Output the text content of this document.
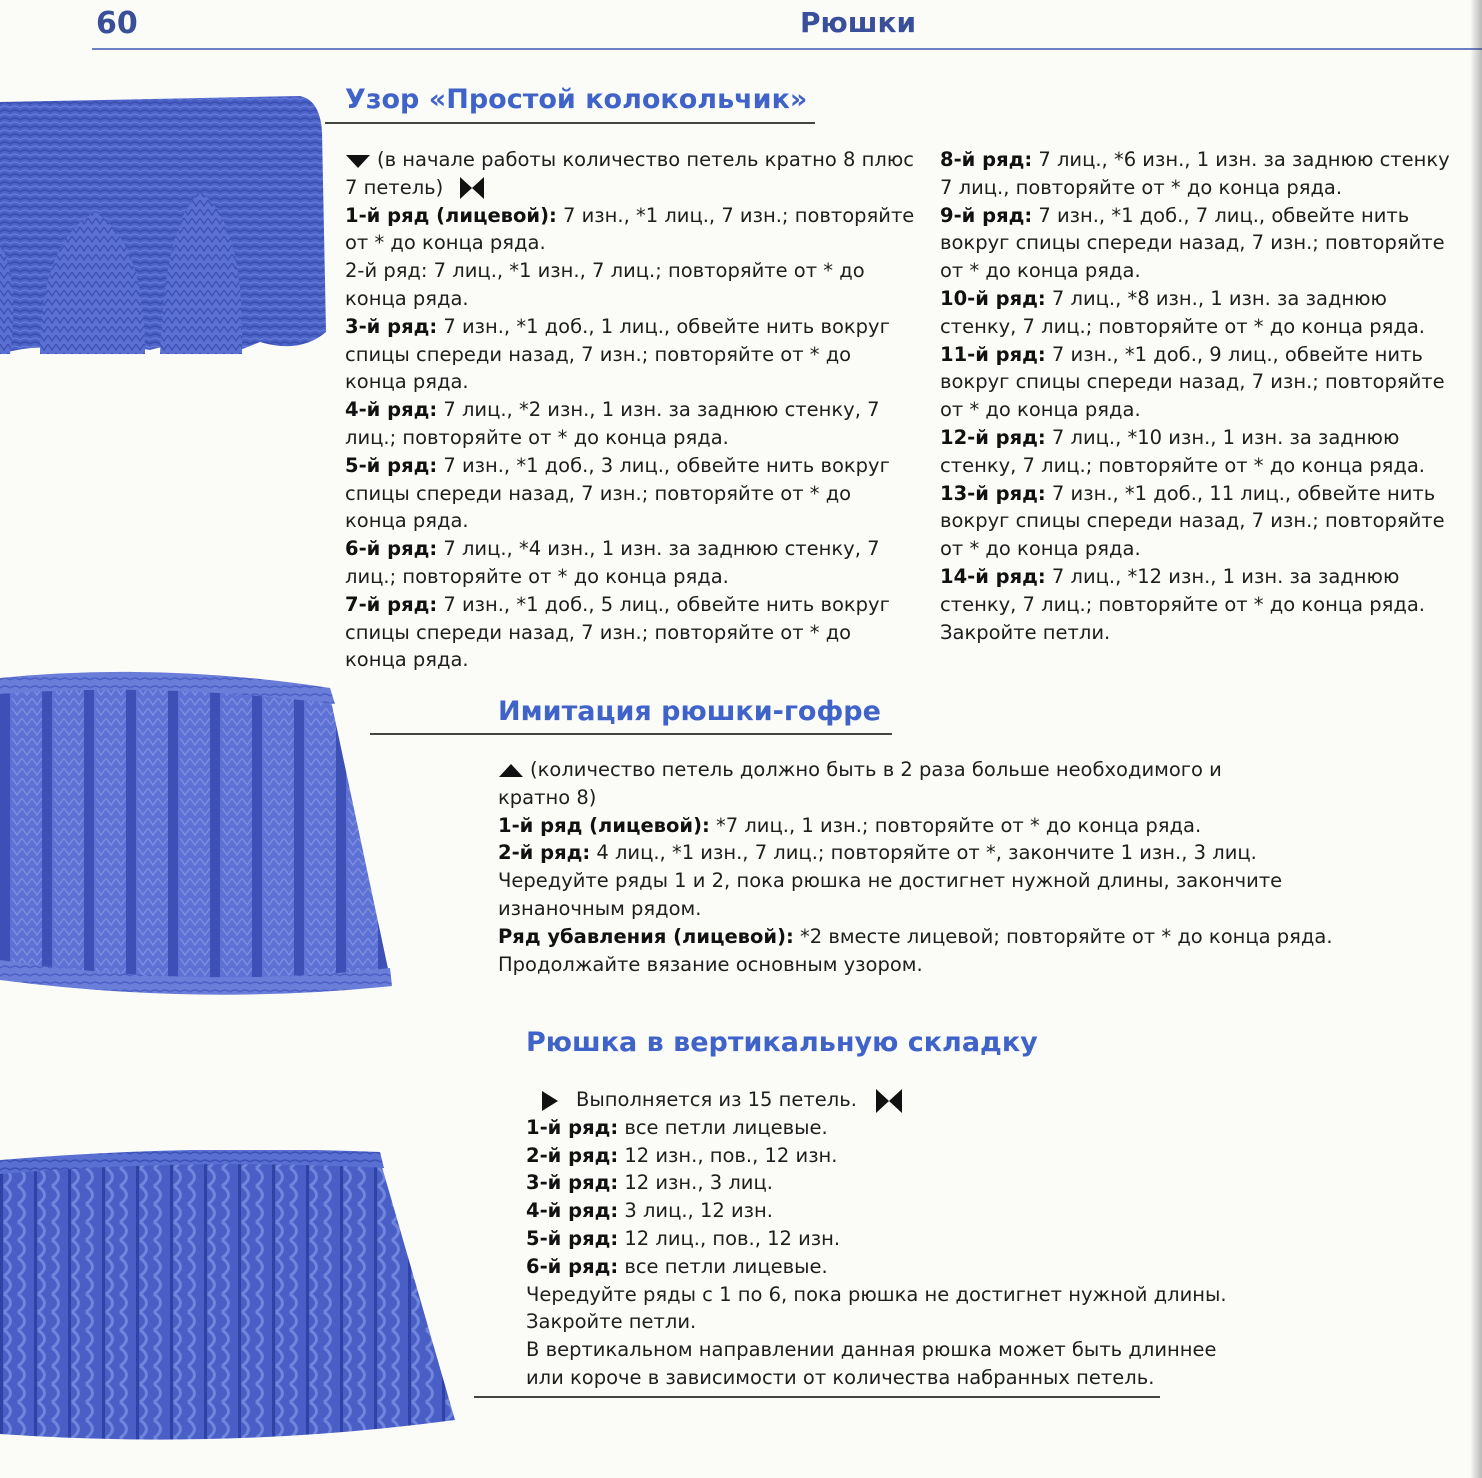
60	Рюшки
Узор «Простой колокольчик»

(в начале работы количество петель кратно 8 плюс 7 петель)

1-й ряд (лицевой): 7 изн., *1 лиц., 7 изн.; повторяйте от * до конца ряда.

2-й ряд: 7 лиц., *1 изн., 7 лиц.; повторяйте от * до конца ряда.

3-й ряд: 7 изн., *1 доб., 1 лиц., обвейте нить вокруг спицы спереди назад, 7 изн.; повторяйте от * до конца ряда.

4-й ряд: 7 лиц., *2 изн., 1 изн. за заднюю стенку, 7 лиц.; повторяйте от * до конца ряда.

5-й ряд: 7 изн., *1 доб., 3 лиц., обвейте нить вокруг спицы спереди назад, 7 изн.; повторяйте от * до конца ряда.

6-й ряд: 7 лиц., *4 изн., 1 изн. за заднюю стенку, 7 лиц.; повторяйте от * до конца ряда.

7-й ряд: 7 изн., *1 доб., 5 лиц., обвейте нить вокруг спицы спереди назад, 7 изн.; повторяйте от * до конца ряда.

8-й ряд: 7 лиц., *6 изн., 1 изн. за заднюю стенку 7 лиц., повторяйте от * до конца ряда.

9-й ряд: 7 изн., *1 доб., 7 лиц., обвейте нить вокруг спицы спереди назад, 7 изн.; повторяйте от * до конца ряда.

10-й ряд: 7 лиц., *8 изн., 1 изн. за заднюю стенку, 7 лиц.; повторяйте от * до конца ряда.

11-й ряд: 7 изн., *1 доб., 9 лиц., обвейте нить вокруг спицы спереди назад, 7 изн.; повторяйте от * до конца ряда.

12-й ряд: 7 лиц., *10 изн., 1 изн. за заднюю стенку, 7 лиц.; повторяйте от * до конца ряда.

13-й ряд: 7 изн., *1 доб., 11 лиц., обвейте нить вокруг спицы спереди назад, 7 изн.; повторяйте от * до конца ряда.

14-й ряд: 7 лиц., *12 изн., 1 изн. за заднюю стенку, 7 лиц.; повторяйте от * до конца ряда.

Закройте петли.

Имитация рюшки-гофре

(количество петель должно быть в 2 раза больше необходимого и кратно 8)

1-й ряд (лицевой): *7 лиц., 1 изн.; повторяйте от * до конца ряда.

2-й ряд: 4 лиц., *1 изн., 7 лиц.; повторяйте от *, закончите 1 изн., 3 лиц.

Чередуйте ряды 1 и 2, пока рюшка не достигнет нужной длины, закончите изнаночным рядом.

Ряд убавления (лицевой): *2 вместе лицевой; повторяйте от * до конца ряда.

Продолжайте вязание основным узором.

Рюшка в вертикальную складку

Выполняется из 15 петель.

1-й ряд: все петли лицевые.

2-й ряд: 12 изн., пов., 12 изн.

3-й ряд: 12 изн., 3 лиц.

4-й ряд: 3 лиц., 12 изн.

5-й ряд: 12 лиц., пов., 12 изн.

6-й ряд: все петли лицевые.

Чередуйте ряды с 1 по 6, пока рюшка не достигнет нужной длины.

Закройте петли.

В вертикальном направлении данная рюшка может быть длиннее или короче в зависимости от количества набранных петель.
